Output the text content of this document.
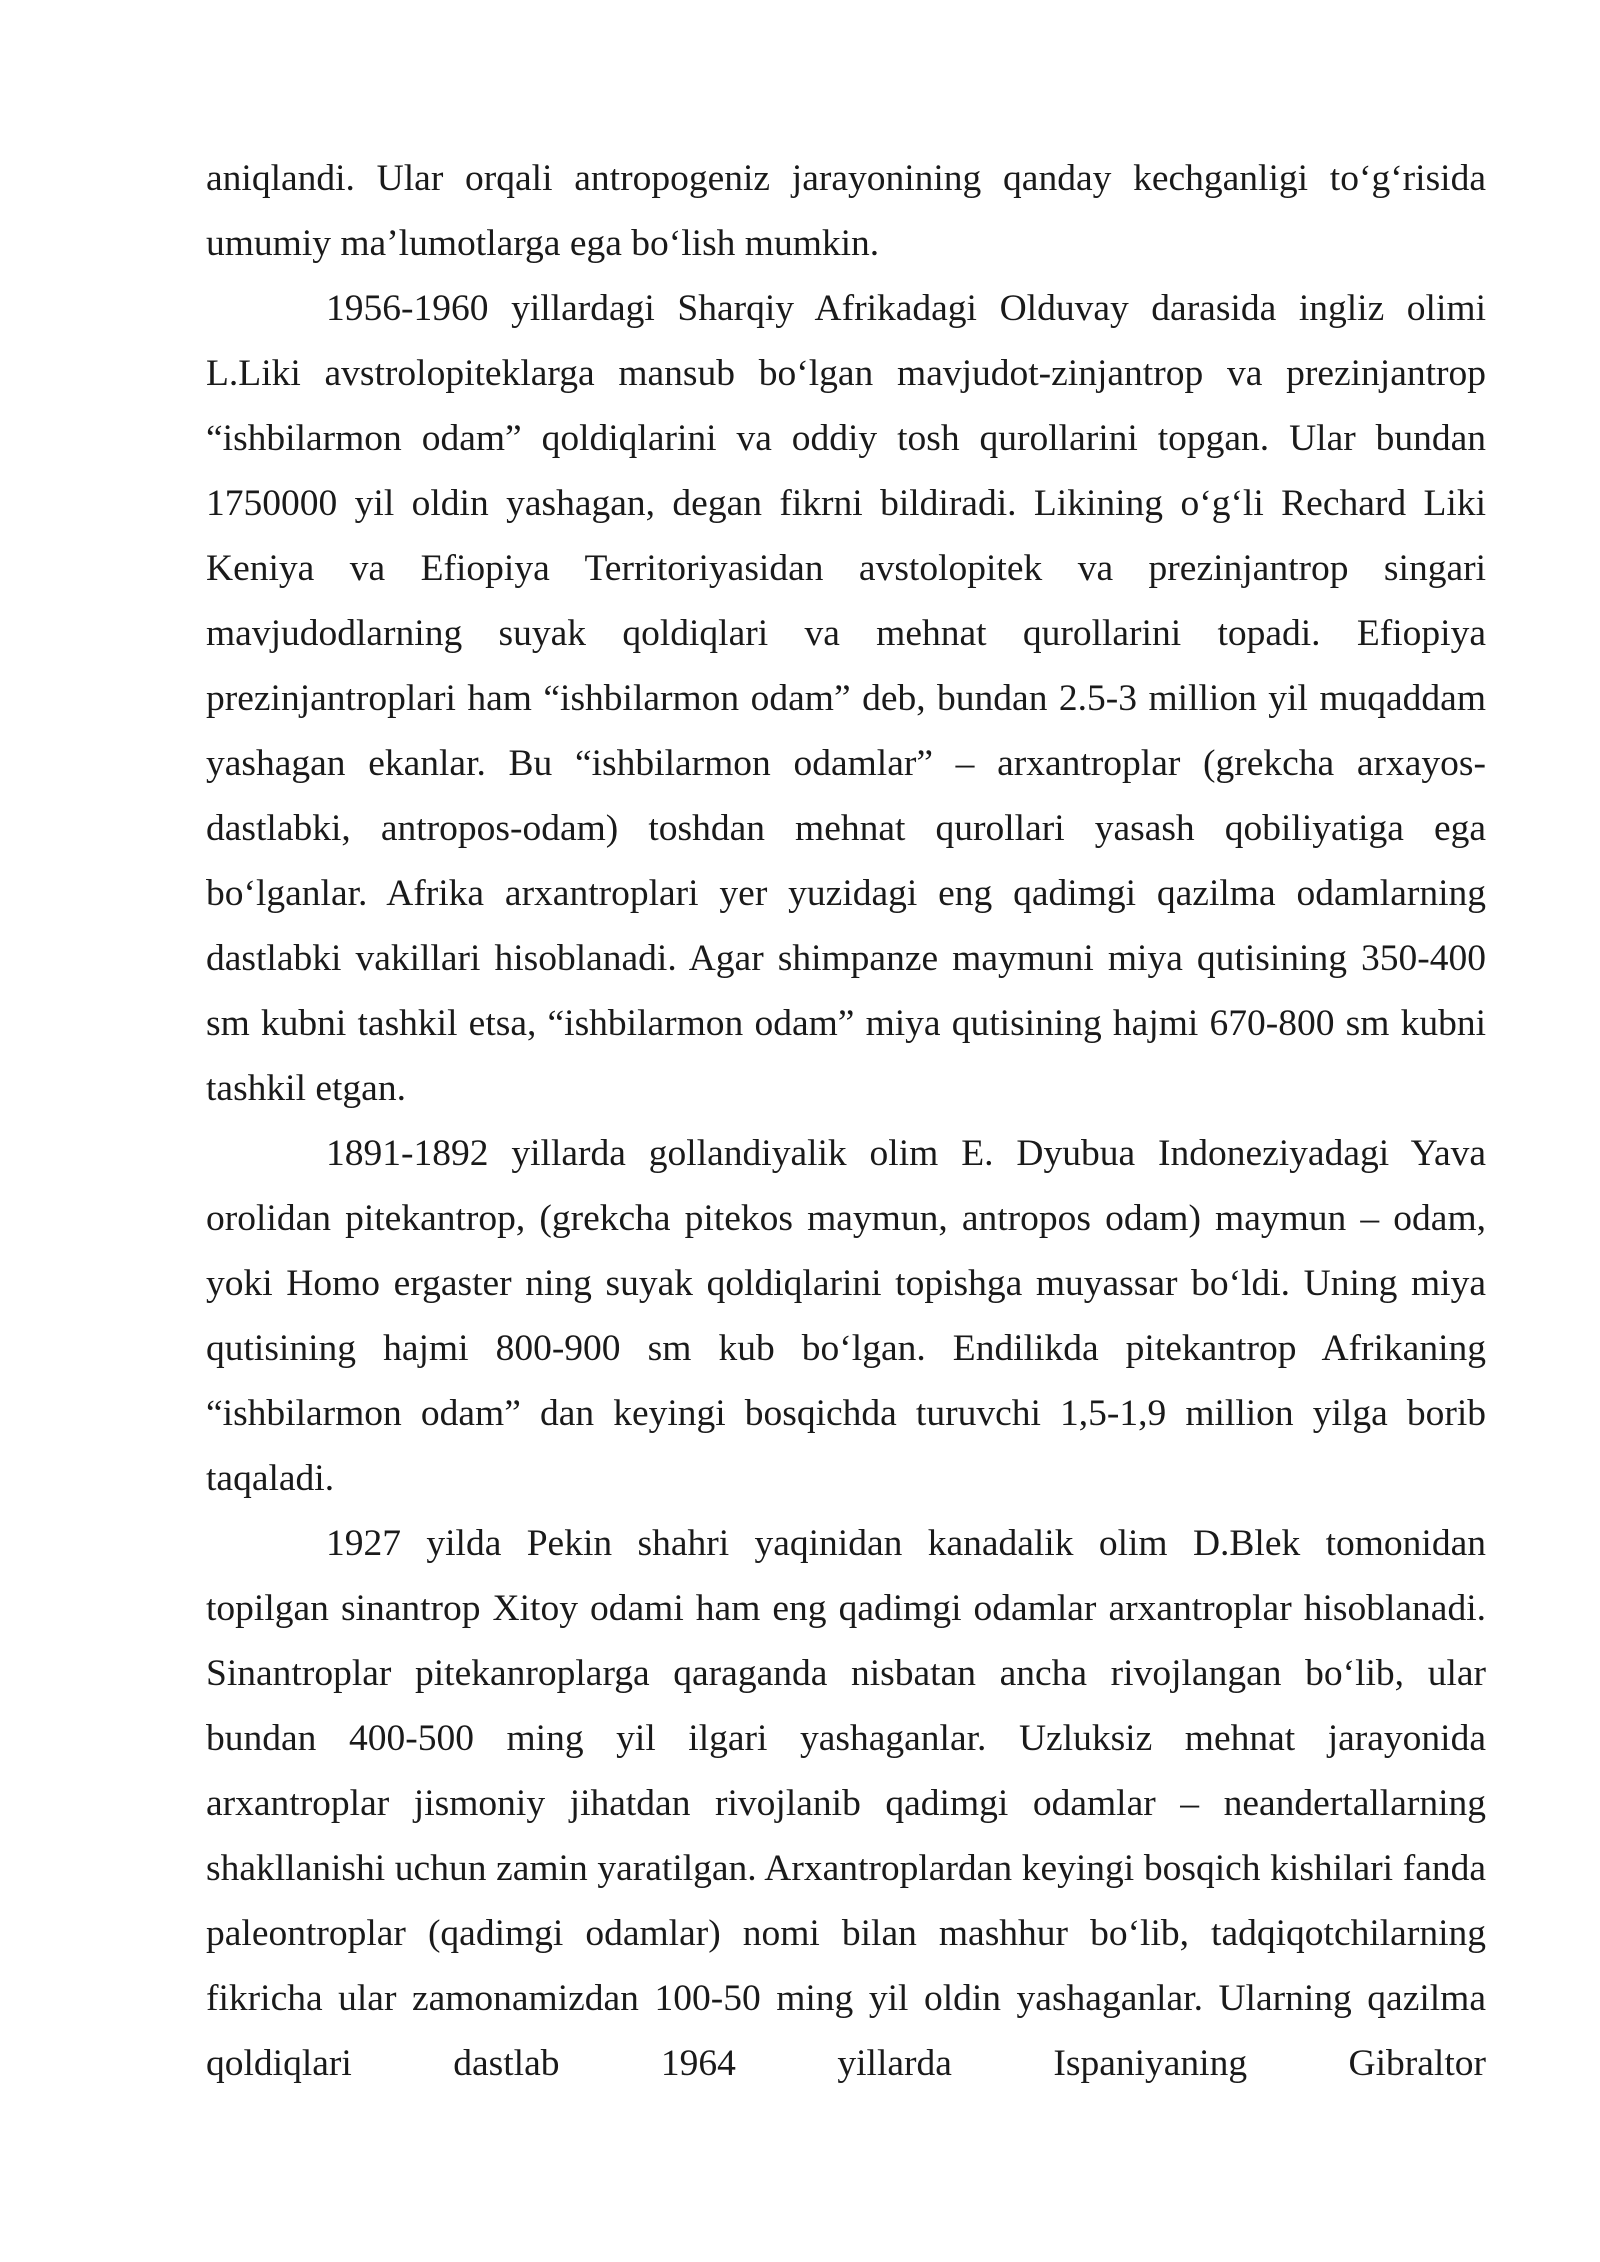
aniqlandi. Ular orqali antropogeniz jarayonining qanday kechganligi to‘g‘risida umumiy ma’lumotlarga ega bo‘lish mumkin.

1956-1960 yillardagi Sharqiy Afrikadagi Olduvay darasida ingliz olimi L.Liki avstrolopiteklarga mansub bo‘lgan mavjudot-zinjantrop va prezinjantrop “ishbilarmon odam” qoldiqlarini va oddiy tosh qurollarini topgan. Ular bundan 1750000 yil oldin yashagan, degan fikrni bildiradi. Likining o‘g‘li Rechard Liki Keniya va Efiopiya Territoriyasidan avstolopitek va prezinjantrop singari mavjudodlarning suyak qoldiqlari va mehnat qurollarini topadi. Efiopiya prezinjantroplari ham “ishbilarmon odam” deb, bundan 2.5-3 million yil muqaddam yashagan ekanlar. Bu “ishbilarmon odamlar” – arxantroplar (grekcha arxayos-dastlabki, antropos-odam) toshdan mehnat qurollari yasash qobiliyatiga ega bo‘lganlar. Afrika arxantroplari yer yuzidagi eng qadimgi qazilma odamlarning dastlabki vakillari hisoblanadi. Agar shimpanze maymuni miya qutisining 350-400 sm kubni tashkil etsa, “ishbilarmon odam” miya qutisining hajmi 670-800 sm kubni tashkil etgan.

1891-1892 yillarda gollandiyalik olim E. Dyubua Indoneziyadagi Yava orolidan pitekantrop, (grekcha pitekos maymun, antropos odam) maymun – odam, yoki Homo ergaster ning suyak qoldiqlarini topishga muyassar bo‘ldi. Uning miya qutisining hajmi 800-900 sm kub bo‘lgan. Endilikda pitekantrop Afrikaning “ishbilarmon odam” dan keyingi bosqichda turuvchi 1,5-1,9 million yilga borib taqaladi.

1927 yilda Pekin shahri yaqinidan kanadalik olim D.Blek tomonidan topilgan sinantrop Xitoy odami ham eng qadimgi odamlar arxantroplar hisoblanadi. Sinantroplar pitekanroplarga qaraganda nisbatan ancha rivojlangan bo‘lib, ular bundan 400-500 ming yil ilgari yashaganlar. Uzluksiz mehnat jarayonida arxantroplar jismoniy jihatdan rivojlanib qadimgi odamlar – neandertallarning shakllanishi uchun zamin yaratilgan. Arxantroplardan keyingi bosqich kishilari fanda paleontroplar (qadimgi odamlar) nomi bilan mashhur bo‘lib, tadqiqotchilarning fikricha ular zamonamizdan 100-50 ming yil oldin yashaganlar. Ularning qazilma qoldiqlari dastlab 1964 yillarda Ispaniyaning Gibraltor
